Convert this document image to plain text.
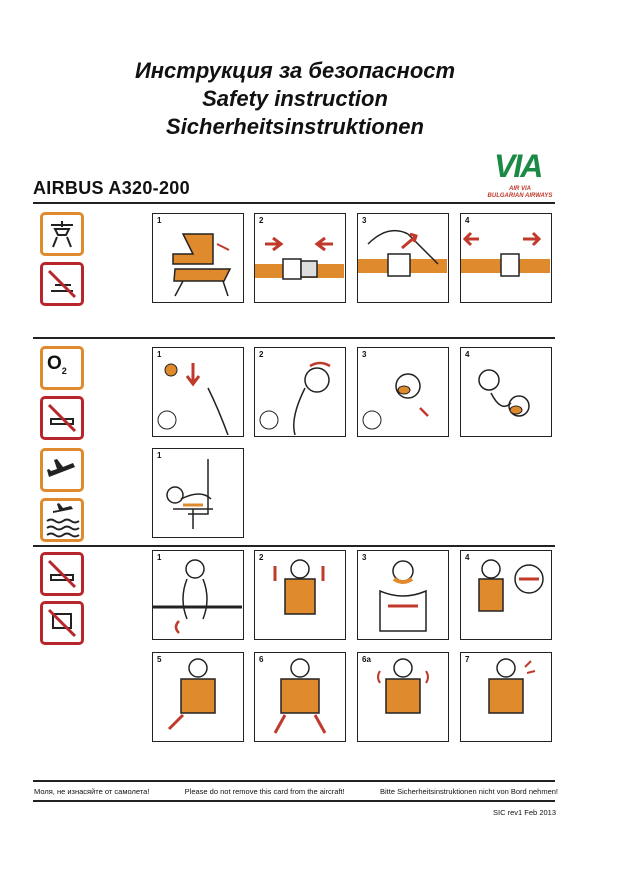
Инструкция за безопасност
Safety instruction
Sicherheitsinstruktionen
VIA
AIR VIA
BULGARIAN AIRWAYS
AIRBUS A320-200
1	2	3	4
$O_2$
1	2	3	4
1
1	2	3	4
5	6	6a	7
Моля, не изнасяйте от самолета!	Please do not remove this card from the aircraft!	Bitte Sicherheitsinstruktionen nicht von Bord nehmen!
SIC rev1 Feb 2013
